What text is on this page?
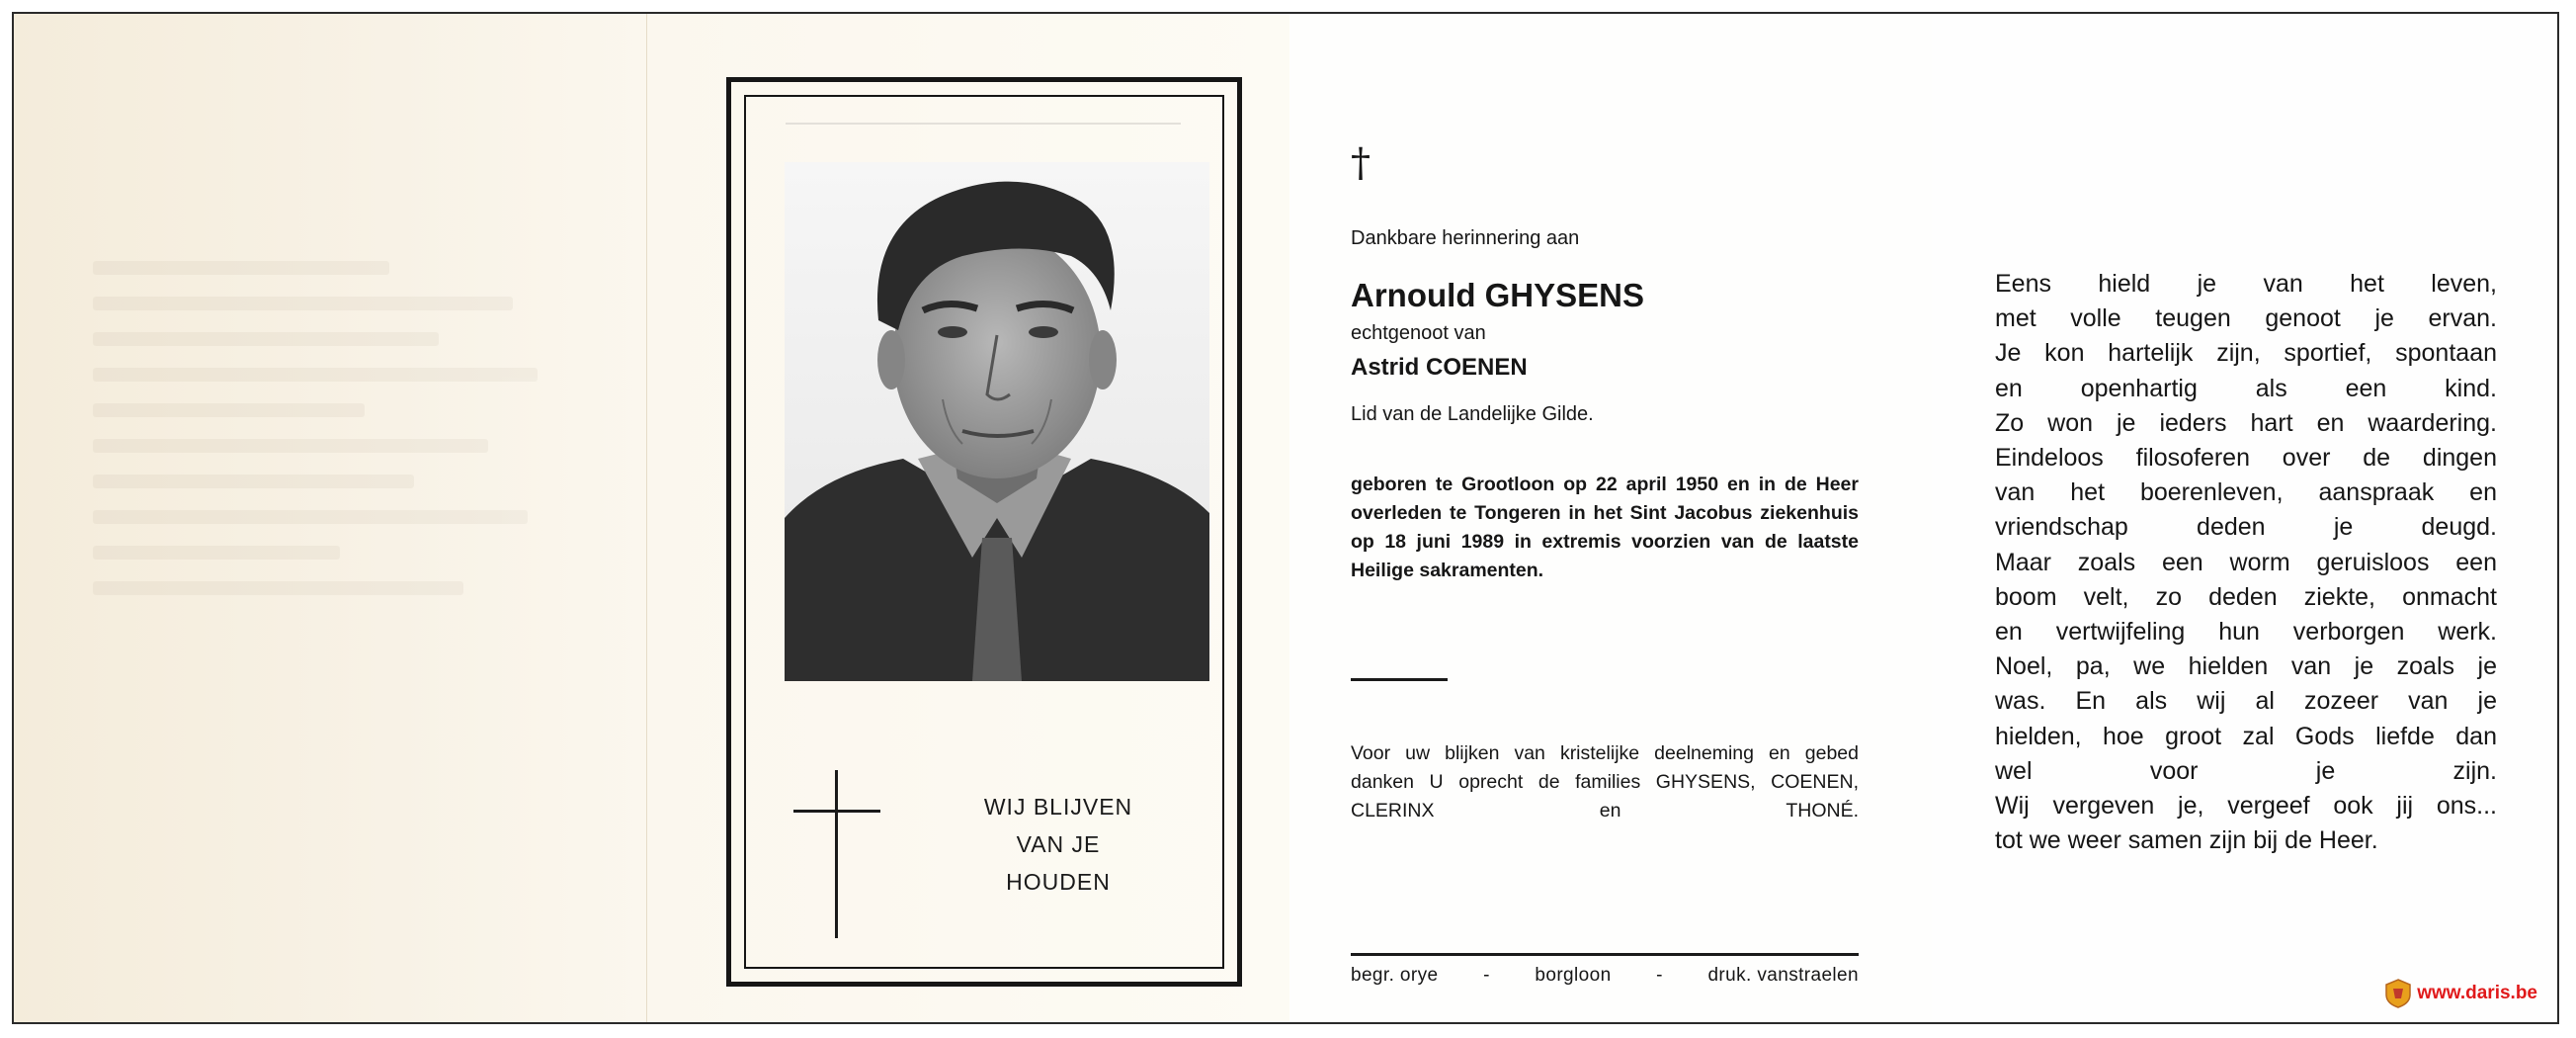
WIJ BLIJVEN
VAN JE
HOUDEN
†
Dankbare herinnering aan
Arnould GHYSENS
echtgenoot van
Astrid COENEN
Lid van de Landelijke Gilde.
geboren te Grootloon op 22 april 1950 en in de Heer overleden te Tongeren in het Sint Jacobus ziekenhuis op 18 juni 1989 in extremis voorzien van de laatste Heilige sakramenten.
Voor uw blijken van kristelijke deelneming en gebed danken U oprecht de families GHYSENS, COENEN, CLERINX en THONÉ.
begr. orye - borgloon - druk. vanstraelen
Eens hield je van het leven,
met volle teugen genoot je ervan.
Je kon hartelijk zijn, sportief, spontaan
en openhartig als een kind.
Zo won je ieders hart en waardering.
Eindeloos filosoferen over de dingen
van het boerenleven, aanspraak en
vriendschap deden je deugd.
Maar zoals een worm geruisloos een
boom velt, zo deden ziekte, onmacht
en vertwijfeling hun verborgen werk.
Noel, pa, we hielden van je zoals je
was. En als wij al zozeer van je
hielden, hoe groot zal Gods liefde dan
wel voor je zijn.
Wij vergeven je, vergeef ook jij ons...
tot we weer samen zijn bij de Heer.
www.daris.be
